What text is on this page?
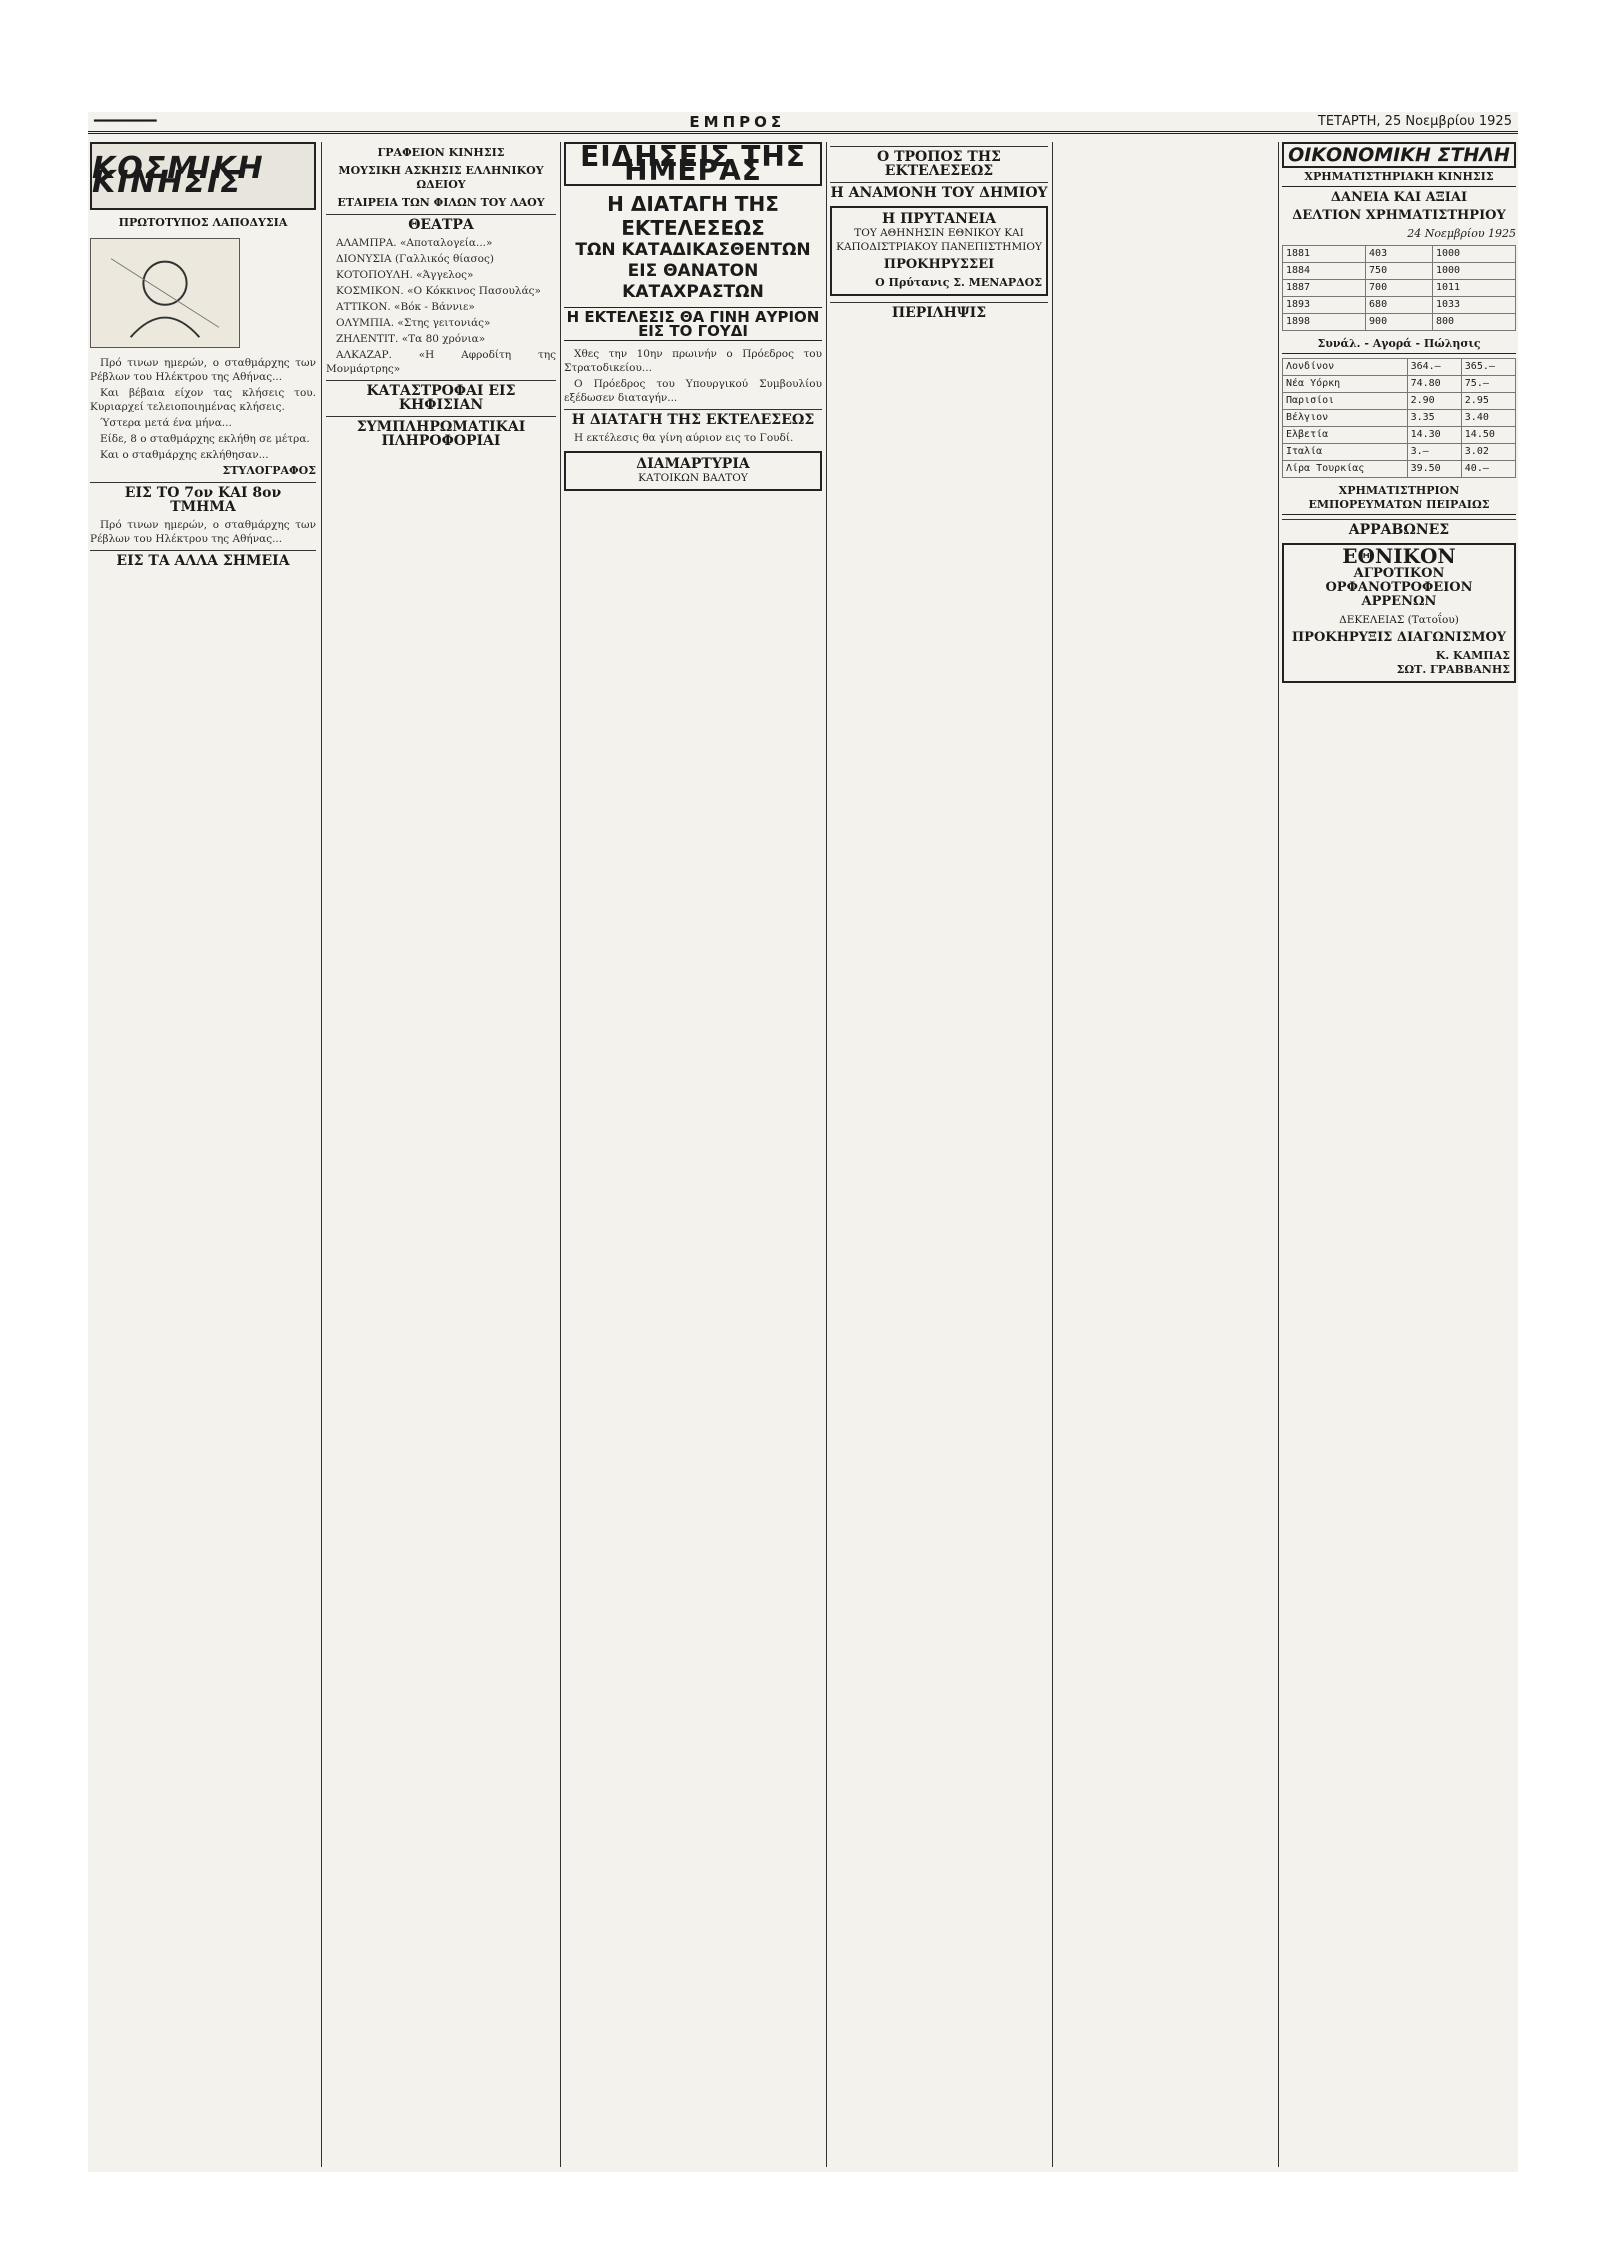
━━━━━━━━	ΕΜΠΡΟΣ	ΤΕΤΑΡΤΗ, 25 Νοεμβρίου 1925
ΚΟΣΜΙΚΗ ΚΙΝΗΣΙΣ
ΠΡΩΤΟΤΥΠΟΣ ΛΑΠΟΔΥΣΙΑ

Πρό τινων ημερών, ο σταθμάρχης των Ρέβλων του Ηλέκτρου της Αθήνας...

Και βέβαια είχον τας κλήσεις του. Κυριαρχεί τελειοποιημένας κλήσεις.

Ύστερα μετά ένα μήνα...

Είδε, 8 ο σταθμάρχης εκλήθη σε μέτρα.

Και ο σταθμάρχης εκλήθησαν...

ΣΤΥΛΟΓΡΑΦΟΣ
ΕΙΣ ΤΟ 7ον ΚΑΙ 8ον ΤΜΗΜΑ

Πρό τινων ημερών, ο σταθμάρχης των Ρέβλων του Ηλέκτρου της Αθήνας...

ΕΙΣ ΤΑ ΑΛΛΑ ΣΗΜΕΙΑ
ΓΡΑΦΕΙΟΝ ΚΙΝΗΣΙΣ
ΜΟΥΣΙΚΗ ΑΣΚΗΣΙΣ ΕΛΛΗΝΙΚΟΥ ΩΔΕΙΟΥ
ΕΤΑΙΡΕΙΑ ΤΩΝ ΦΙΛΩΝ ΤΟΥ ΛΑΟΥ
ΘΕΑΤΡΑ

ΑΛΑΜΠΡΑ. «Αποταλογεία...»

ΔΙΟΝΥΣΙΑ (Γαλλικός θίασος)

ΚΟΤΟΠΟΥΛΗ. «Άγγελος»

ΚΟΣΜΙΚΟΝ. «Ο Κόκκινος Πασουλάς»

ΑΤΤΙΚΟΝ. «Βόκ - Βάννιε»

ΟΛΥΜΠΙΑ. «Στης γειτονιάς»

ΖΗΛΕΝΤΙΤ. «Τα 80 χρόνια»

ΑΛΚΑΖΑΡ. «Η Αφροδίτη της Μονμάρτρης»

ΚΑΤΑΣΤΡΟΦΑΙ ΕΙΣ ΚΗΦΙΣΙΑΝ
ΣΥΜΠΛΗΡΩΜΑΤΙΚΑΙ ΠΛΗΡΟΦΟΡΙΑΙ
ΕΙΔΗΣΕΙΣ ΤΗΣ ΗΜΕΡΑΣ
Η ΔΙΑΤΑΓΗ ΤΗΣ ΕΚΤΕΛΕΣΕΩΣ
ΤΩΝ ΚΑΤΑΔΙΚΑΣΘΕΝΤΩΝ ΕΙΣ ΘΑΝΑΤΟΝ ΚΑΤΑΧΡΑΣΤΩΝ
Η ΕΚΤΕΛΕΣΙΣ ΘΑ ΓΙΝΗ ΑΥΡΙΟΝ ΕΙΣ ΤΟ ΓΟΥΔΙ

Χθες την 10ην πρωινήν ο Πρόεδρος του Στρατοδικείου...

Ο Πρόεδρος του Υπουργικού Συμβουλίου εξέδωσεν διαταγήν...

Η ΔΙΑΤΑΓΗ ΤΗΣ ΕΚΤΕΛΕΣΕΩΣ

Η εκτέλεσις θα γίνη αύριον εις το Γουδί.

ΔΙΑΜΑΡΤΥΡΙΑ
ΚΑΤΟΙΚΩΝ ΒΑΛΤΟΥ
Ο ΤΡΟΠΟΣ ΤΗΣ ΕΚΤΕΛΕΣΕΩΣ
Η ΑΝΑΜΟΝΗ ΤΟΥ ΔΗΜΙΟΥ
Η ΠΡΥΤΑΝΕΙΑ
ΤΟΥ ΑΘΗΝΗΣΙΝ ΕΘΝΙΚΟΥ ΚΑΙ ΚΑΠΟΔΙΣΤΡΙΑΚΟΥ ΠΑΝΕΠΙΣΤΗΜΙΟΥ
ΠΡΟΚΗΡΥΣΣΕΙ
Ο Πρύτανις Σ. ΜΕΝΑΡΔΟΣ
ΠΕΡΙΛΗΨΙΣ
ΟΙΚΟΝΟΜΙΚΗ ΣΤΗΛΗ
ΧΡΗΜΑΤΙΣΤΗΡΙΑΚΗ ΚΙΝΗΣΙΣ
ΔΑΝΕΙΑ ΚΑΙ ΑΞΙΑΙ
ΔΕΛΤΙΟΝ ΧΡΗΜΑΤΙΣΤΗΡΙΟΥ
24 Νοεμβρίου 1925
1881	403	1000
1884	750	1000
1887	700	1011
1893	680	1033
1898	900	800
Συνάλ. - Αγορά - Πώλησις
Λονδίνον	364.—	365.—
Νέα Υόρκη	74.80	75.—
Παρισίοι	2.90	2.95
Βέλγιον	3.35	3.40
Ελβετία	14.30	14.50
Ιταλία	3.—	3.02
Λίρα Τουρκίας	39.50	40.—
ΧΡΗΜΑΤΙΣΤΗΡΙΟΝ ΕΜΠΟΡΕΥΜΑΤΩΝ ΠΕΙΡΑΙΩΣ
ΑΡΡΑΒΩΝΕΣ
ΕΘΝΙΚΟΝ
ΑΓΡΟΤΙΚΟΝ ΟΡΦΑΝΟΤΡΟΦΕΙΟΝ ΑΡΡΕΝΩΝ
ΔΕΚΕΛΕΙΑΣ (Τατοΐου)
ΠΡΟΚΗΡΥΞΙΣ ΔΙΑΓΩΝΙΣΜΟΥ
Κ. ΚΑΜΠΑΣ
ΣΩΤ. ΓΡΑΒΒΑΝΗΣ
